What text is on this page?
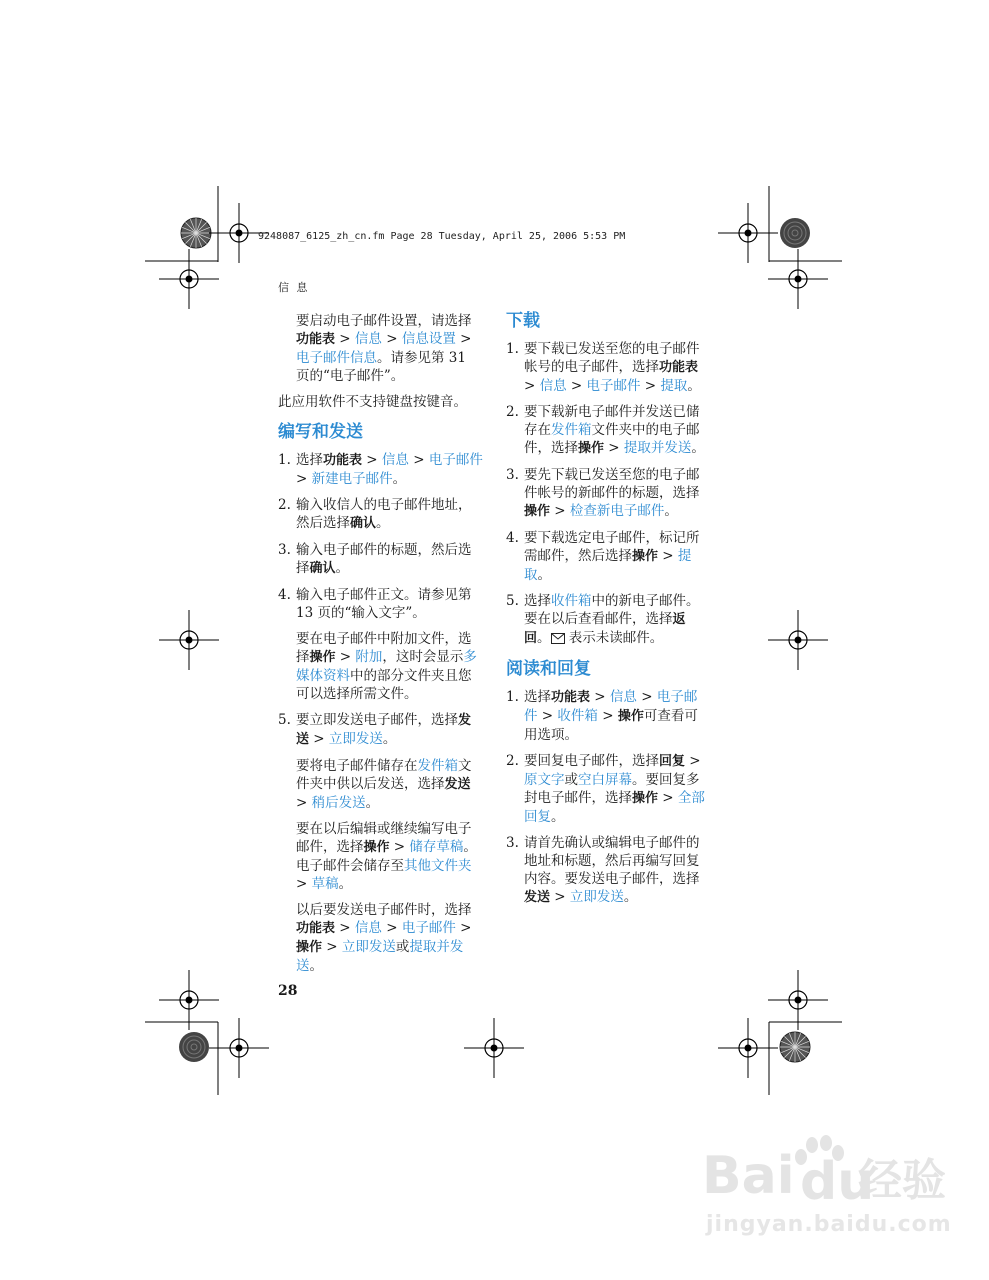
9248087_6125_zh_cn.fm Page 28 Tuesday, April 25, 2006 5:53 PM
信 息

要启动电子邮件设置，请选择功能表 > 信息 > 信息设置 > 电子邮件信息。请参见第 31 页的“电子邮件”。

此应用软件不支持键盘按键音。

编写和发送
1. 选择功能表 > 信息 > 电子邮件 > 新建电子邮件。
2. 输入收信人的电子邮件地址，然后选择确认。
3. 输入电子邮件的标题，然后选择确认。
4. 输入电子邮件正文。请参见第 13 页的“输入文字”。
要在电子邮件中附加文件，选择操作 > 附加，这时会显示多媒体资料中的部分文件夹且您可以选择所需文件。
5. 要立即发送电子邮件，选择发送 > 立即发送。
要将电子邮件储存在发件箱文件夹中供以后发送，选择发送 > 稍后发送。
要在以后编辑或继续编写电子邮件，选择操作 > 储存草稿。电子邮件会储存至其他文件夹 > 草稿。
以后要发送电子邮件时，选择功能表 > 信息 > 电子邮件 > 操作 > 立即发送或提取并发送。
下载
1. 要下载已发送至您的电子邮件帐号的电子邮件，选择功能表 > 信息 > 电子邮件 > 提取。
2. 要下载新电子邮件并发送已储存在发件箱文件夹中的电子邮件，选择操作 > 提取并发送。
3. 要先下载已发送至您的电子邮件帐号的新邮件的标题，选择操作 > 检查新电子邮件。
4. 要下载选定电子邮件，标记所需邮件，然后选择操作 > 提取。
5. 选择收件箱中的新电子邮件。要在以后查看邮件，选择返回。 表示未读邮件。
阅读和回复
1. 选择功能表 > 信息 > 电子邮件 > 收件箱 > 操作可查看可用选项。
2. 要回复电子邮件，选择回复 > 原文字或空白屏幕。要回复多封电子邮件，选择操作 > 全部回复。
3. 请首先确认或编辑电子邮件的地址和标题，然后再编写回复内容。要发送电子邮件，选择发送 > 立即发送。
28
Bai du
经验
jingyan.baidu.com
